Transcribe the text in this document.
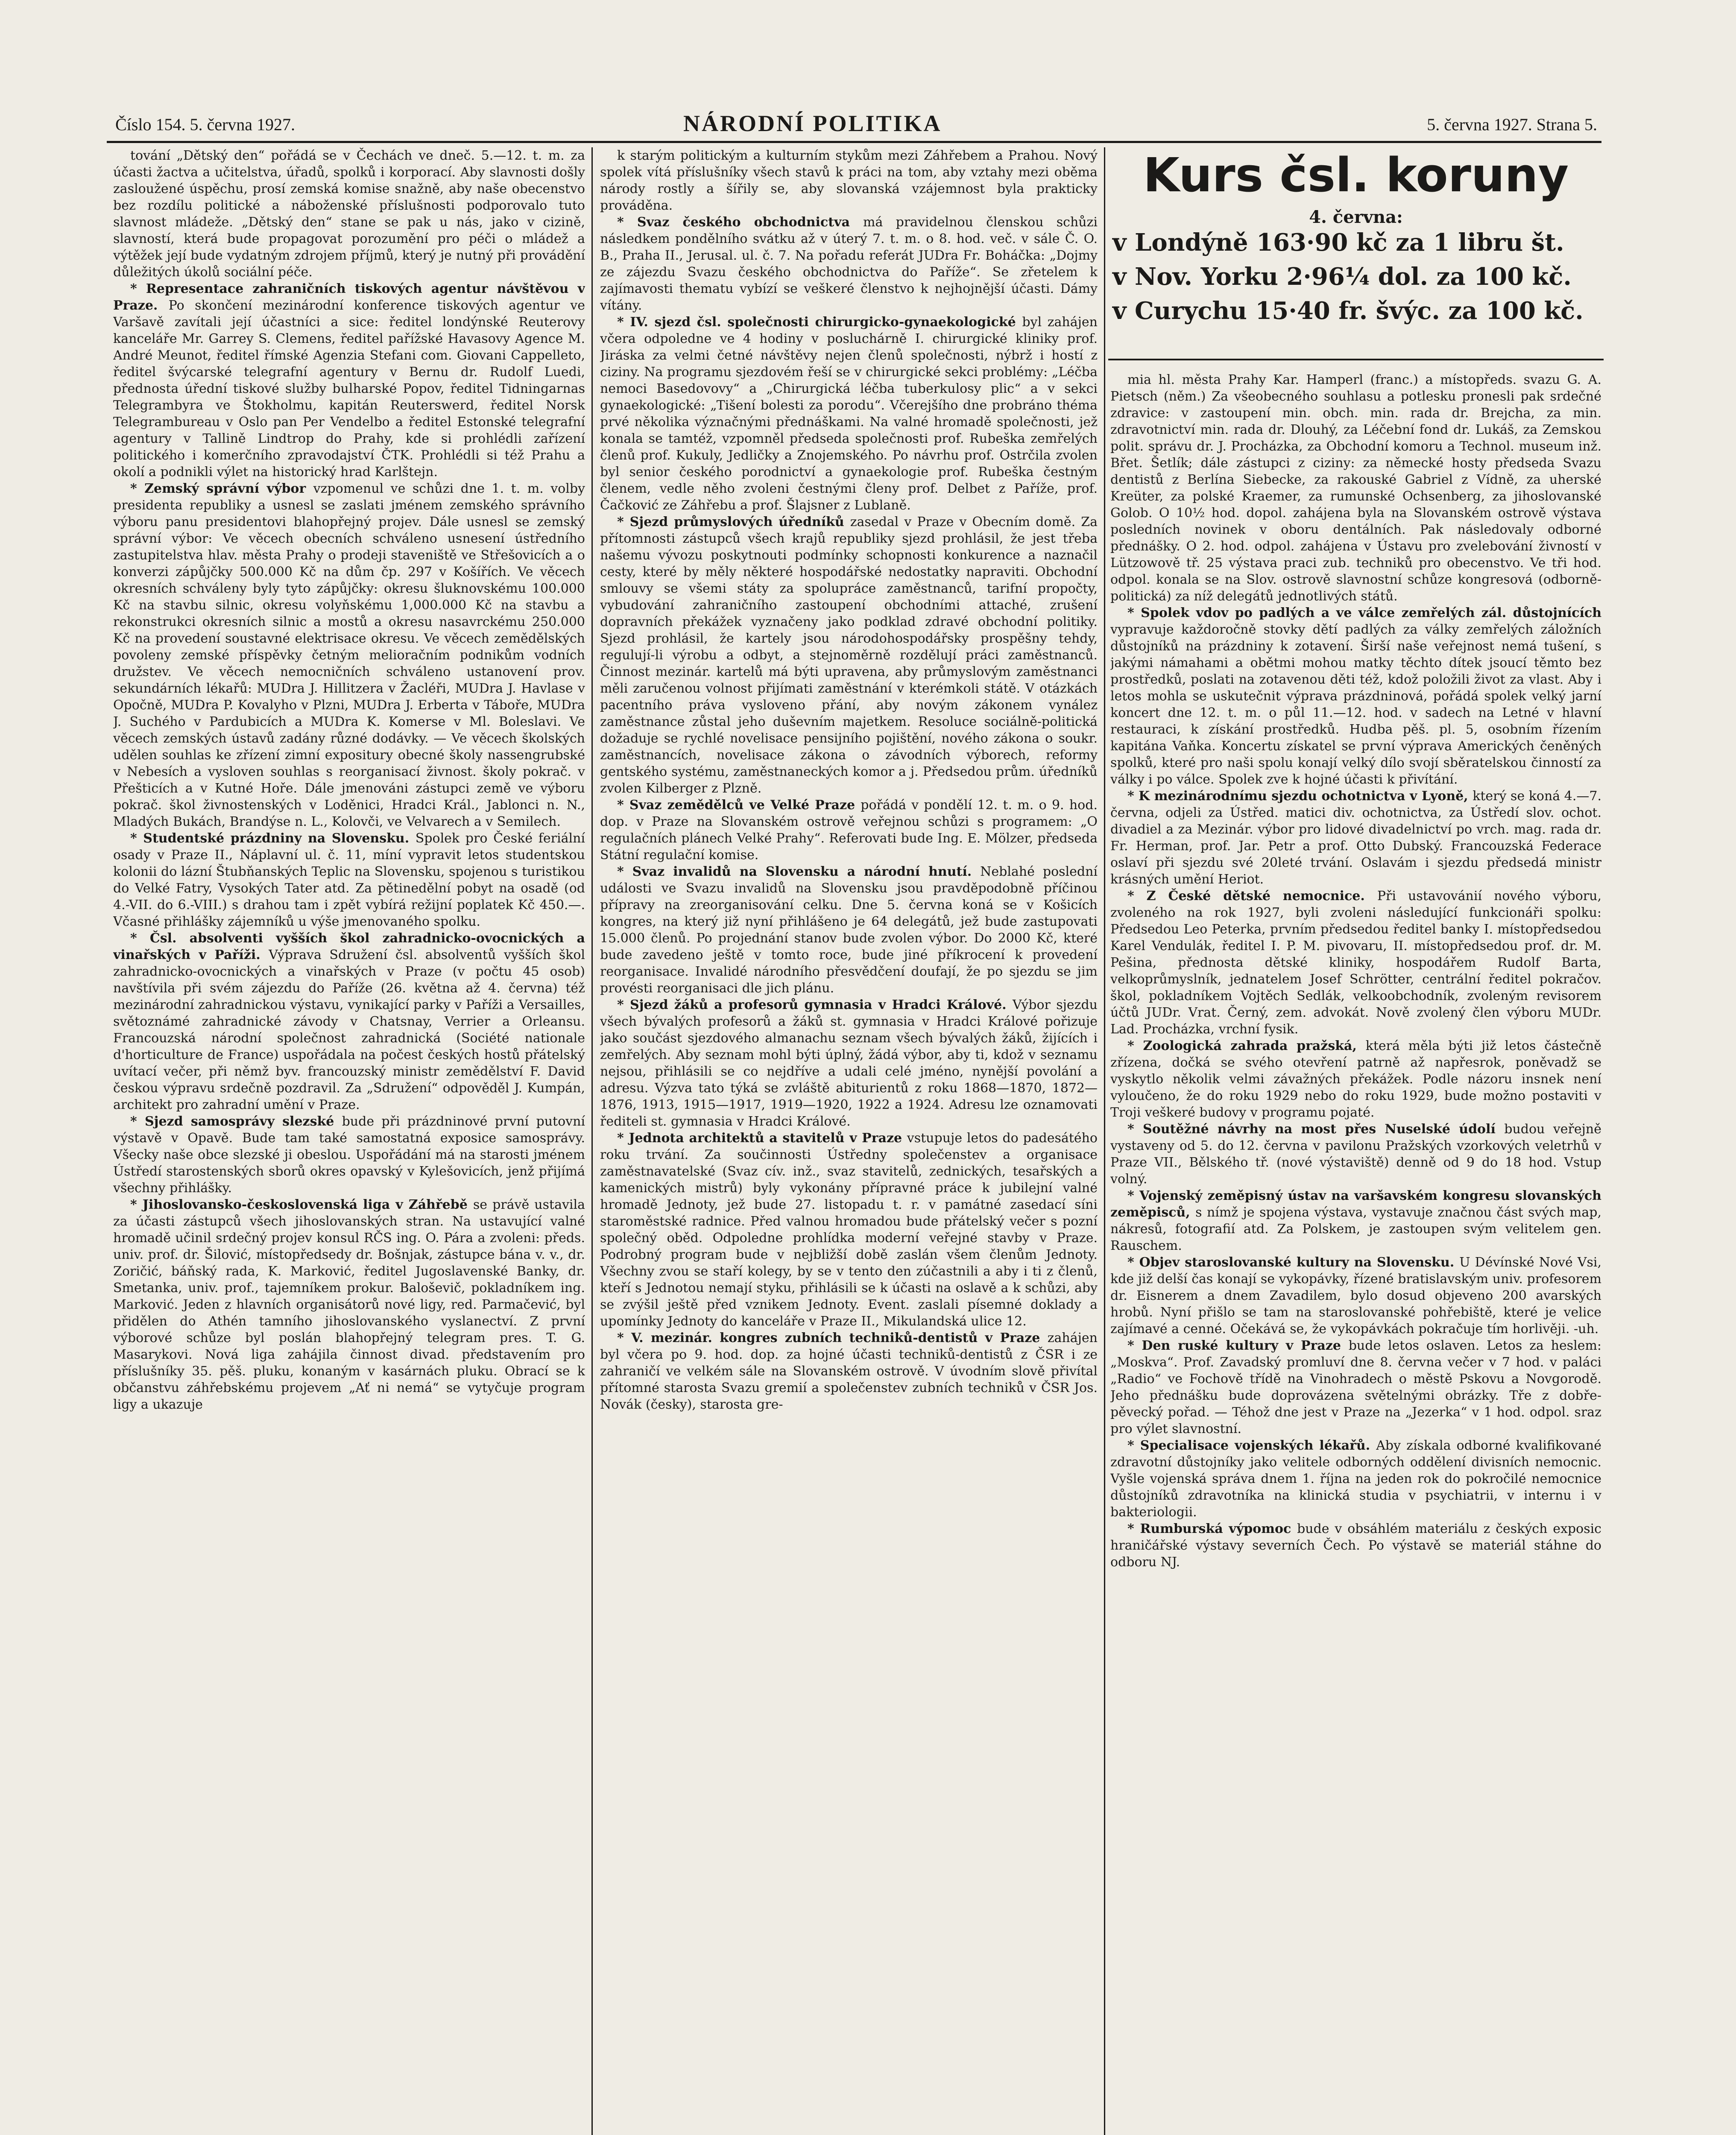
Číslo 154. 5. června 1927.	NÁRODNÍ POLITIKA	5. června 1927. Strana 5.

tování „Dětský den“ pořádá se v Čechách ve dneč. 5.—12. t. m. za účasti žactva a učitelstva, úřadů, spolků i korporací. Aby slavnosti došly zasloužené úspěchu, prosí zemská komise snažně, aby naše obecenstvo bez rozdílu politické a náboženské příslušnosti podporovalo tuto slavnost mládeže. „Dětský den“ stane se pak u nás, jako v cizině, slavností, která bude propagovat porozumění pro péči o mládež a výtěžek její bude vydatným zdrojem příjmů, který je nutný při provádění důležitých úkolů sociální péče.

* Representace zahraničních tiskových agentur návštěvou v Praze. Po skončení mezinárodní konference tiskových agentur ve Varšavě zavítali její účastníci a sice: ředitel londýnské Reuterovy kanceláře Mr. Garrey S. Clemens, ředitel pařížské Havasovy Agence M. André Meunot, ředitel římské Agenzia Stefani com. Giovani Cappelleto, ředitel švýcarské telegrafní agentury v Bernu dr. Rudolf Luedi, přednosta úřední tiskové služby bulharské Popov, ředitel Tidningarnas Telegrambyra ve Štokholmu, kapitán Reuterswerd, ředitel Norsk Telegrambureau v Oslo pan Per Vendelbo a ředitel Estonské telegrafní agentury v Tallině Lindtrop do Prahy, kde si prohlédli zařízení politického i komerčního zpravodajství ČTK. Prohlédli si též Prahu a okolí a podnikli výlet na historický hrad Karlštejn.

* Zemský správní výbor vzpomenul ve schůzi dne 1. t. m. volby presidenta republiky a usnesl se zaslati jménem zemského správního výboru panu presidentovi blahopřejný projev. Dále usnesl se zemský správní výbor: Ve věcech obecních schváleno usnesení ústředního zastupitelstva hlav. města Prahy o prodeji staveniště ve Střešovicích a o konverzi zápůjčky 500.000 Kč na dům čp. 297 v Košířích. Ve věcech okresních schváleny byly tyto zápůjčky: okresu šluknovskému 100.000 Kč na stavbu silnic, okresu volyňskému 1,000.000 Kč na stavbu a rekonstrukci okresních silnic a mostů a okresu nasavrckému 250.000 Kč na provedení soustavné elektrisace okresu. Ve věcech zemědělských povoleny zemské příspěvky četným melioračním podnikům vodních družstev. Ve věcech nemocničních schváleno ustanovení prov. sekundárních lékařů: MUDra J. Hillitzera v Žacléři, MUDra J. Havlase v Opočně, MUDra P. Kovalyho v Plzni, MUDra J. Erberta v Táboře, MUDra J. Suchého v Pardubicích a MUDra K. Komerse v Ml. Boleslavi. Ve věcech zemských ústavů zadány různé dodávky. — Ve věcech školských udělen souhlas ke zřízení zimní expositury obecné školy nassengrubské v Nebesích a vysloven souhlas s reorganisací živnost. školy pokrač. v Přešticích a v Kutné Hoře. Dále jmenováni zástupci země ve výboru pokrač. škol živnostenských v Loděnici, Hradci Král., Jablonci n. N., Mladých Bukách, Brandýse n. L., Kolovči, ve Velvarech a v Semilech.

* Studentské prázdniny na Slovensku. Spolek pro České feriální osady v Praze II., Náplavní ul. č. 11, míní vypravit letos studentskou kolonii do lázní Štubňanských Teplic na Slovensku, spojenou s turistikou do Velké Fatry, Vysokých Tater atd. Za pětinedělní pobyt na osadě (od 4.-VII. do 6.-VIII.) s drahou tam i zpět vybírá režijní poplatek Kč 450.—. Včasné přihlášky zájemníků u výše jmenovaného spolku.

* Čsl. absolventi vyšších škol zahradnicko-ovocnických a vinařských v Paříži. Výprava Sdružení čsl. absolventů vyšších škol zahradnicko-ovocnických a vinařských v Praze (v počtu 45 osob) navštívila při svém zájezdu do Paříže (26. května až 4. června) též mezinárodní zahradnickou výstavu, vynikající parky v Paříži a Versailles, světoznámé zahradnické závody v Chatsnay, Verrier a Orleansu. Francouzská národní společnost zahradnická (Société nationale d'horticulture de France) uspořádala na počest českých hostů přátelský uvítací večer, při němž byv. francouzský ministr zemědělství F. David českou výpravu srdečně pozdravil. Za „Sdružení“ odpověděl J. Kumpán, architekt pro zahradní umění v Praze.

* Sjezd samosprávy slezské bude při prázdninové první putovní výstavě v Opavě. Bude tam také samostatná exposice samosprávy. Všecky naše obce slezské ji obeslou. Uspořádání má na starosti jménem Ústředí starostenských sborů okres opavský v Kylešovicích, jenž přijímá všechny přihlášky.

* Jihoslovansko-československá liga v Záhřebě se právě ustavila za účasti zástupců všech jihoslovanských stran. Na ustavující valné hromadě učinil srdečný projev konsul RČS ing. O. Pára a zvoleni: předs. univ. prof. dr. Šilović, místopředsedy dr. Bošnjak, zástupce bána v. v., dr. Zoričić, báňský rada, K. Marković, ředitel Jugoslavenské Banky, dr. Smetanka, univ. prof., tajemníkem prokur. Baloševič, pokladníkem ing. Marković. Jeden z hlavních organisátorů nové ligy, red. Parmačević, byl přidělen do Athén tamního jihoslovanského vyslanectví. Z první výborové schůze byl poslán blahopřejný telegram pres. T. G. Masarykovi. Nová liga zahájila činnost divad. představením pro příslušníky 35. pěš. pluku, konaným v kasárnách pluku. Obrací se k občanstvu záhřebskému projevem „Ať ni nemá“ se vytyčuje program ligy a ukazuje

k starým politickým a kulturním stykům mezi Záhřebem a Prahou. Nový spolek vítá příslušníky všech stavů k práci na tom, aby vztahy mezi oběma národy rostly a šířily se, aby slovanská vzájemnost byla prakticky prováděna.

* Svaz českého obchodnictva má pravidelnou členskou schůzi následkem pondělního svátku až v úterý 7. t. m. o 8. hod. več. v sále Č. O. B., Praha II., Jerusal. ul. č. 7. Na pořadu referát JUDra Fr. Boháčka: „Dojmy ze zájezdu Svazu českého obchodnictva do Paříže“. Se zřetelem k zajímavosti thematu vybízí se veškeré členstvo k nejhojnější účasti. Dámy vítány.

* IV. sjezd čsl. společnosti chirurgicko-gynaekologické byl zahájen včera odpoledne ve 4 hodiny v posluchárně I. chirurgické kliniky prof. Jiráska za velmi četné návštěvy nejen členů společnosti, nýbrž i hostí z ciziny. Na programu sjezdovém řeší se v chirurgické sekci problémy: „Léčba nemoci Basedovovy“ a „Chirurgická léčba tuberkulosy plic“ a v sekci gynaekologické: „Tišení bolesti za porodu“. Včerejšího dne probráno théma prvé několika význačnými přednáškami. Na valné hromadě společnosti, jež konala se tamtéž, vzpomněl předseda společnosti prof. Rubeška zemřelých členů prof. Kukuly, Jedličky a Znojemského. Po návrhu prof. Ostrčila zvolen byl senior českého porodnictví a gynaekologie prof. Rubeška čestným členem, vedle něho zvoleni čestnými členy prof. Delbet z Paříže, prof. Čačković ze Záhřebu a prof. Šlajsner z Lublaně.

* Sjezd průmyslových úředníků zasedal v Praze v Obecním domě. Za přítomnosti zástupců všech krajů republiky sjezd prohlásil, že jest třeba našemu vývozu poskytnouti podmínky schopnosti konkurence a naznačil cesty, které by měly některé hospodářské nedostatky napraviti. Obchodní smlouvy se všemi státy za spolupráce zaměstnanců, tarifní propočty, vybudování zahraničního zastoupení obchodními attaché, zrušení dopravních překážek vyznačeny jako podklad zdravé obchodní politiky. Sjezd prohlásil, že kartely jsou národohospodářsky prospěšny tehdy, regulují-li výrobu a odbyt, a stejnoměrně rozdělují práci zaměstnanců. Činnost mezinár. kartelů má býti upravena, aby průmyslovým zaměstnanci měli zaručenou volnost přijímati zaměstnání v kterémkoli státě. V otázkách pacentního práva vysloveno přání, aby novým zákonem vynález zaměstnance zůstal jeho duševním majetkem. Resoluce sociálně-politická dožaduje se rychlé novelisace pensijního pojištění, nového zákona o soukr. zaměstnancích, novelisace zákona o závodních výborech, reformy gentského systému, zaměstnaneckých komor a j. Předsedou prům. úředníků zvolen Kilberger z Plzně.

* Svaz zemědělců ve Velké Praze pořádá v pondělí 12. t. m. o 9. hod. dop. v Praze na Slovanském ostrově veřejnou schůzi s programem: „O regulačních plánech Velké Prahy“. Referovati bude Ing. E. Mölzer, předseda Státní regulační komise.

* Svaz invalidů na Slovensku a národní hnutí. Neblahé poslední události ve Svazu invalidů na Slovensku jsou pravděpodobně příčinou přípravy na zreorganisování celku. Dne 5. června koná se v Košicích kongres, na který již nyní přihlášeno je 64 delegátů, jež bude zastupovati 15.000 členů. Po projednání stanov bude zvolen výbor. Do 2000 Kč, které bude zavedeno ještě v tomto roce, bude jiné příkrocení k provedení reorganisace. Invalidé národního přesvědčení doufají, že po sjezdu se jim provésti reorganisaci dle jich plánu.

* Sjezd žáků a profesorů gymnasia v Hradci Králové. Výbor sjezdu všech bývalých profesorů a žáků st. gymnasia v Hradci Králové pořizuje jako součást sjezdového almanachu seznam všech bývalých žáků, žijících i zemřelých. Aby seznam mohl býti úplný, žádá výbor, aby ti, kdož v seznamu nejsou, přihlásili se co nejdříve a udali celé jméno, nynější povolání a adresu. Výzva tato týká se zvláště abiturientů z roku 1868—1870, 1872—1876, 1913, 1915—1917, 1919—1920, 1922 a 1924. Adresu lze oznamovati řediteli st. gymnasia v Hradci Králové.

* Jednota architektů a stavitelů v Praze vstupuje letos do padesátého roku trvání. Za součinnosti Ústředny společenstev a organisace zaměstnavatelské (Svaz cív. inž., svaz stavitelů, zednických, tesařských a kamenických mistrů) byly vykonány přípravné práce k jubilejní valné hromadě Jednoty, jež bude 27. listopadu t. r. v památné zasedací síni staroměstské radnice. Před valnou hromadou bude přátelský večer s pozní společný oběd. Odpoledne prohlídka moderní veřejné stavby v Praze. Podrobný program bude v nejbližší době zaslán všem členům Jednoty. Všechny zvou se staří kolegy, by se v tento den zúčastnili a aby i ti z členů, kteří s Jednotou nemají styku, přihlásili se k účasti na oslavě a k schůzi, aby se zvýšil ještě před vznikem Jednoty. Event. zaslali písemné doklady a upomínky Jednoty do kanceláře v Praze II., Mikulandská ulice 12.

* V. mezinár. kongres zubních techniků-dentistů v Praze zahájen byl včera po 9. hod. dop. za hojné účasti techniků-dentistů z ČSR i ze zahraničí ve velkém sále na Slovanském ostrově. V úvodním slově přivítal přítomné starosta Svazu gremií a společenstev zubních techniků v ČSR Jos. Novák (česky), starosta gre-

Kurs čsl. koruny
4. června:
v Londýně 163·90 kč za 1 libru št.
v Nov. Yorku 2·96¼ dol. za 100 kč.
v Curychu 15·40 fr. švýc. za 100 kč.

mia hl. města Prahy Kar. Hamperl (franc.) a místopředs. svazu G. A. Pietsch (něm.) Za všeobecného souhlasu a potlesku pronesli pak srdečné zdravice: v zastoupení min. obch. min. rada dr. Brejcha, za min. zdravotnictví min. rada dr. Dlouhý, za Léčební fond dr. Lukáš, za Zemskou polit. správu dr. J. Procházka, za Obchodní komoru a Technol. museum inž. Břet. Šetlík; dále zástupci z ciziny: za německé hosty předseda Svazu dentistů z Berlína Siebecke, za rakouské Gabriel z Vídně, za uherské Kreüter, za polské Kraemer, za rumunské Ochsenberg, za jihoslovanské Golob. O 10½ hod. dopol. zahájena byla na Slovanském ostrově výstava posledních novinek v oboru dentálních. Pak následovaly odborné přednášky. O 2. hod. odpol. zahájena v Ústavu pro zvelebování živností v Lützowově tř. 25 výstava praci zub. techniků pro obecenstvo. Ve tři hod. odpol. konala se na Slov. ostrově slavnostní schůze kongresová (odborně-politická) za níž delegátů jednotlivých států.

* Spolek vdov po padlých a ve válce zemřelých zál. důstojnících vypravuje každoročně stovky dětí padlých za války zemřelých záložních důstojníků na prázdniny k zotavení. Širší naše veřejnost nemá tušení, s jakými námahami a obětmi mohou matky těchto dítek jsoucí těmto bez prostředků, poslati na zotavenou děti též, kdož položili život za vlast. Aby i letos mohla se uskutečnit výprava prázdninová, pořádá spolek velký jarní koncert dne 12. t. m. o půl 11.—12. hod. v sadech na Letné v hlavní restauraci, k získání prostředků. Hudba pěš. pl. 5, osobním řízením kapitána Vaňka. Koncertu získatel se první výprava Amerických čeněných spolků, které pro naši spolu konají velký dílo svojí sběratelskou činností za války i po válce. Spolek zve k hojné účasti k přivítání.

* K mezinárodnímu sjezdu ochotnictva v Lyoně, který se koná 4.—7. června, odjeli za Ústřed. matici div. ochotnictva, za Ústředí slov. ochot. divadiel a za Mezinár. výbor pro lidové divadelnictví po vrch. mag. rada dr. Fr. Herman, prof. Jar. Petr a prof. Otto Dubský. Francouzská Federace oslaví při sjezdu své 20leté trvání. Oslavám i sjezdu předsedá ministr krásných umění Heriot.

* Z České dětské nemocnice. Při ustavovánií nového výboru, zvoleného na rok 1927, byli zvoleni následující funkcionáři spolku: Předsedou Leo Peterka, prvním předsedou ředitel banky I. místopředsedou Karel Vendulák, ředitel I. P. M. pivovaru, II. místopředsedou prof. dr. M. Pešina, přednosta dětské kliniky, hospodářem Rudolf Barta, velkoprůmyslník, jednatelem Josef Schrötter, centrální ředitel pokračov. škol, pokladníkem Vojtěch Sedlák, velkoobchodník, zvoleným revisorem účtů JUDr. Vrat. Černý, zem. advokát. Nově zvolený člen výboru MUDr. Lad. Procházka, vrchní fysik.

* Zoologická zahrada pražská, která měla býti již letos částečně zřízena, dočká se svého otevření patrně až napřesrok, poněvadž se vyskytlo několik velmi závažných překážek. Podle názoru insnek není vyloučeno, že do roku 1929 nebo do roku 1929, bude možno postaviti v Troji veškeré budovy v programu pojaté.

* Soutěžné návrhy na most přes Nuselské údolí budou veřejně vystaveny od 5. do 12. června v pavilonu Pražských vzorkových veletrhů v Praze VII., Bělského tř. (nové výstaviště) denně od 9 do 18 hod. Vstup volný.

* Vojenský zeměpisný ústav na varšavském kongresu slovanských zeměpisců, s nímž je spojena výstava, vystavuje značnou část svých map, nákresů, fotografií atd. Za Polskem, je zastoupen svým velitelem gen. Rauschem.

* Objev staroslovanské kultury na Slovensku. U Dévínské Nové Vsi, kde již delší čas konají se vykopávky, řízené bratislavským univ. profesorem dr. Eisnerem a dnem Zavadilem, bylo dosud objeveno 200 avarských hrobů. Nyní přišlo se tam na staroslovanské pohřebiště, které je velice zajímavé a cenné. Očekává se, že vykopávkách pokračuje tím horlivěji. -uh.

* Den ruské kultury v Praze bude letos oslaven. Letos za heslem: „Moskva“. Prof. Zavadský promluví dne 8. června večer v 7 hod. v paláci „Radio“ ve Fochově třídě na Vinohradech o městě Pskovu a Novgorodě. Jeho přednášku bude doprovázena světelnými obrázky. Tře z dobře-pěvecký pořad. — Téhož dne jest v Praze na „Jezerka“ v 1 hod. odpol. sraz pro výlet slavnostní.

* Specialisace vojenských lékařů. Aby získala odborné kvalifikované zdravotní důstojníky jako velitele odborných oddělení divisních nemocnic. Vyšle vojenská správa dnem 1. října na jeden rok do pokročilé nemocnice důstojníků zdravotníka na klinická studia v psychiatrii, v internu i v bakteriologii.

* Rumburská výpomoc bude v obsáhlém materiálu z českých exposic hraničářské výstavy severních Čech. Po výstavě se materiál stáhne do odboru NJ.
